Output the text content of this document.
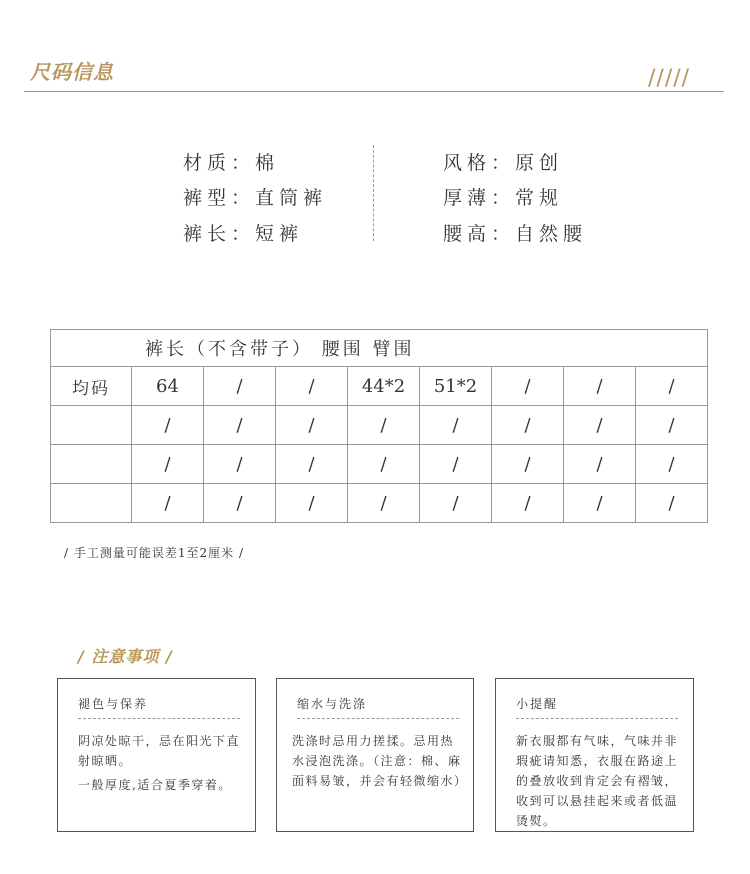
尺码信息	/////
材质：棉
裤型：直筒裤
裤长：短裤
风格：原创
厚薄：常规
腰高：自然腰
裤长（不含带子） 腰围 臂围								
均码	64	/	/	44*2	51*2	/	/	/
	/	/	/	/	/	/	/	/
	/	/	/	/	/	/	/	/
	/	/	/	/	/	/	/	/
/ 手工测量可能误差1至2厘米 /
/ 注意事项 /
褪色与保养

阴凉处晾干，忌在阳光下直射晾晒。

一般厚度,适合夏季穿着。

缩水与洗涤

洗涤时忌用力搓揉。忌用热水浸泡洗涤。（注意：棉、麻面料易皱，并会有轻微缩水）

小提醒

新衣服都有气味，气味并非瑕疵请知悉，衣服在路途上的叠放收到肯定会有褶皱，收到可以悬挂起来或者低温烫熨。
